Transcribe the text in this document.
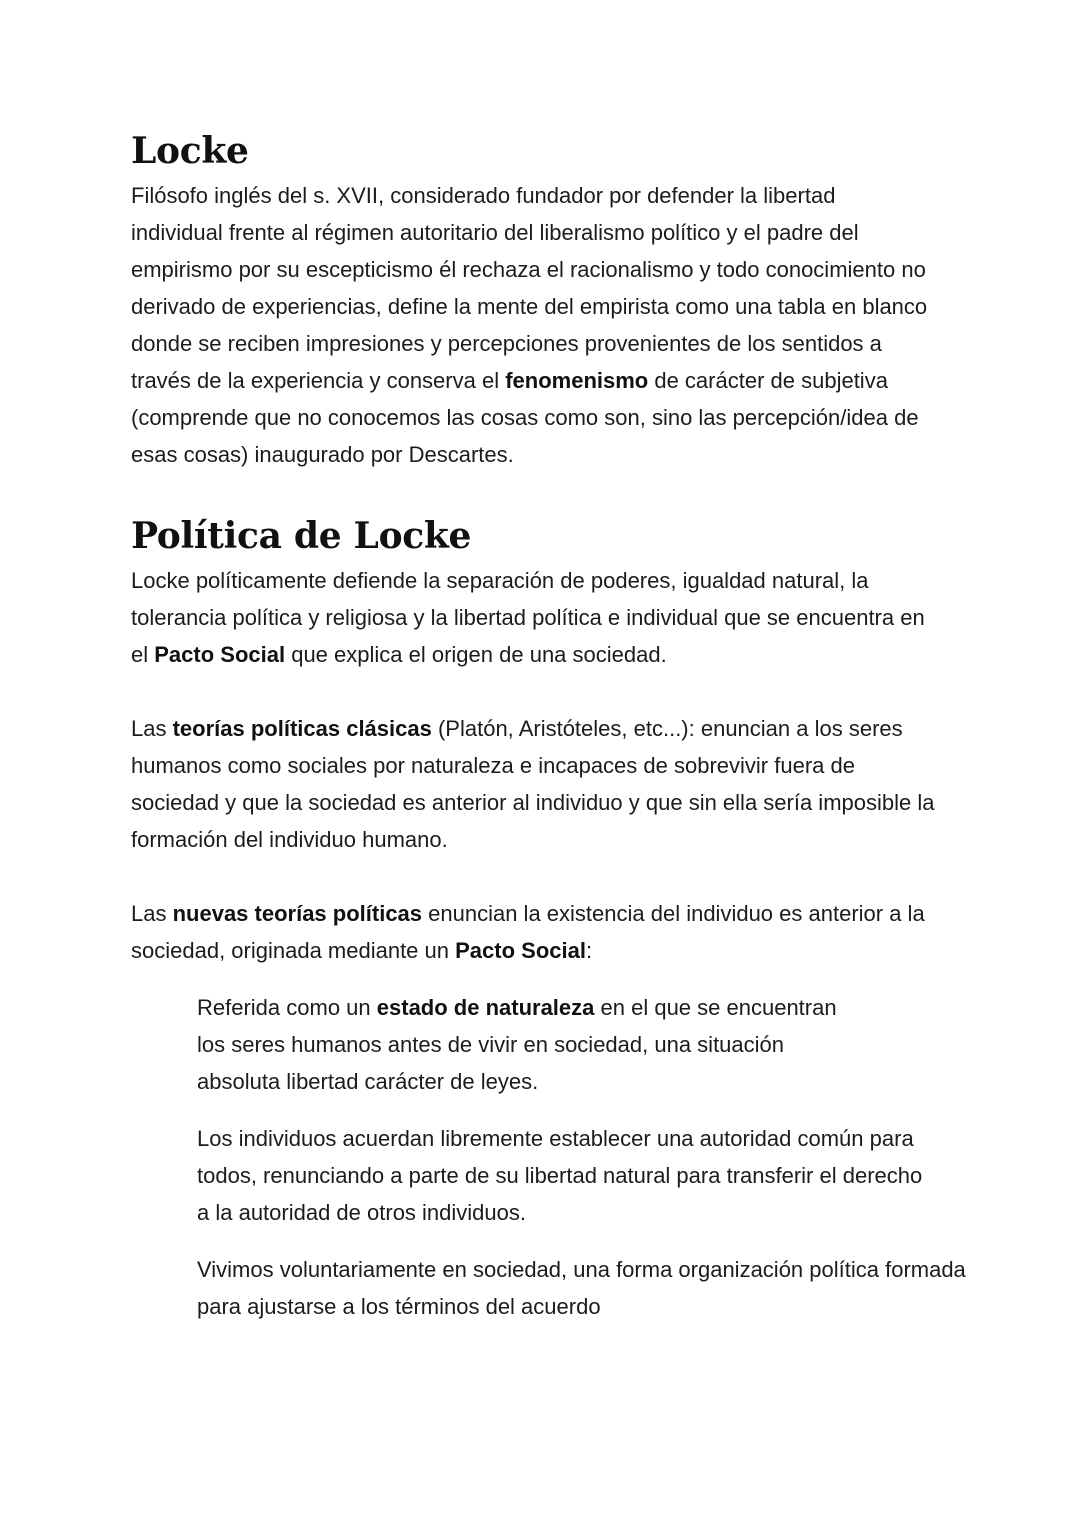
Locke

Filósofo inglés del s. XVII, considerado fundador por defender la libertad individual frente al régimen autoritario del liberalismo político y el padre del empirismo por su escepticismo él rechaza el racionalismo y todo conocimiento no derivado de experiencias, define la mente del empirista como una tabla en blanco donde se reciben impresiones y percepciones provenientes de los sentidos a través de la experiencia y conserva el fenomenismo de carácter de subjetiva (comprende que no conocemos las cosas como son, sino las percepción/idea de esas cosas) inaugurado por Descartes.

Política de Locke

Locke políticamente defiende la separación de poderes, igualdad natural, la tolerancia política y religiosa y la libertad política e individual que se encuentra en el Pacto Social que explica el origen de una sociedad.

Las teorías políticas clásicas (Platón, Aristóteles, etc...): enuncian a los seres humanos como sociales por naturaleza e incapaces de sobrevivir fuera de sociedad y que la sociedad es anterior al individuo y que sin ella sería imposible la formación del individuo humano.

Las nuevas teorías políticas enuncian la existencia del individuo es anterior a la sociedad, originada mediante un Pacto Social:

Referida como un estado de naturaleza en el que se encuentran los seres humanos antes de vivir en sociedad, una situación absoluta libertad carácter de leyes.

Los individuos acuerdan libremente establecer una autoridad común para todos, renunciando a parte de su libertad natural para transferir el derecho a la autoridad de otros individuos.

Vivimos voluntariamente en sociedad, una forma organización política formada para ajustarse a los términos del acuerdo
